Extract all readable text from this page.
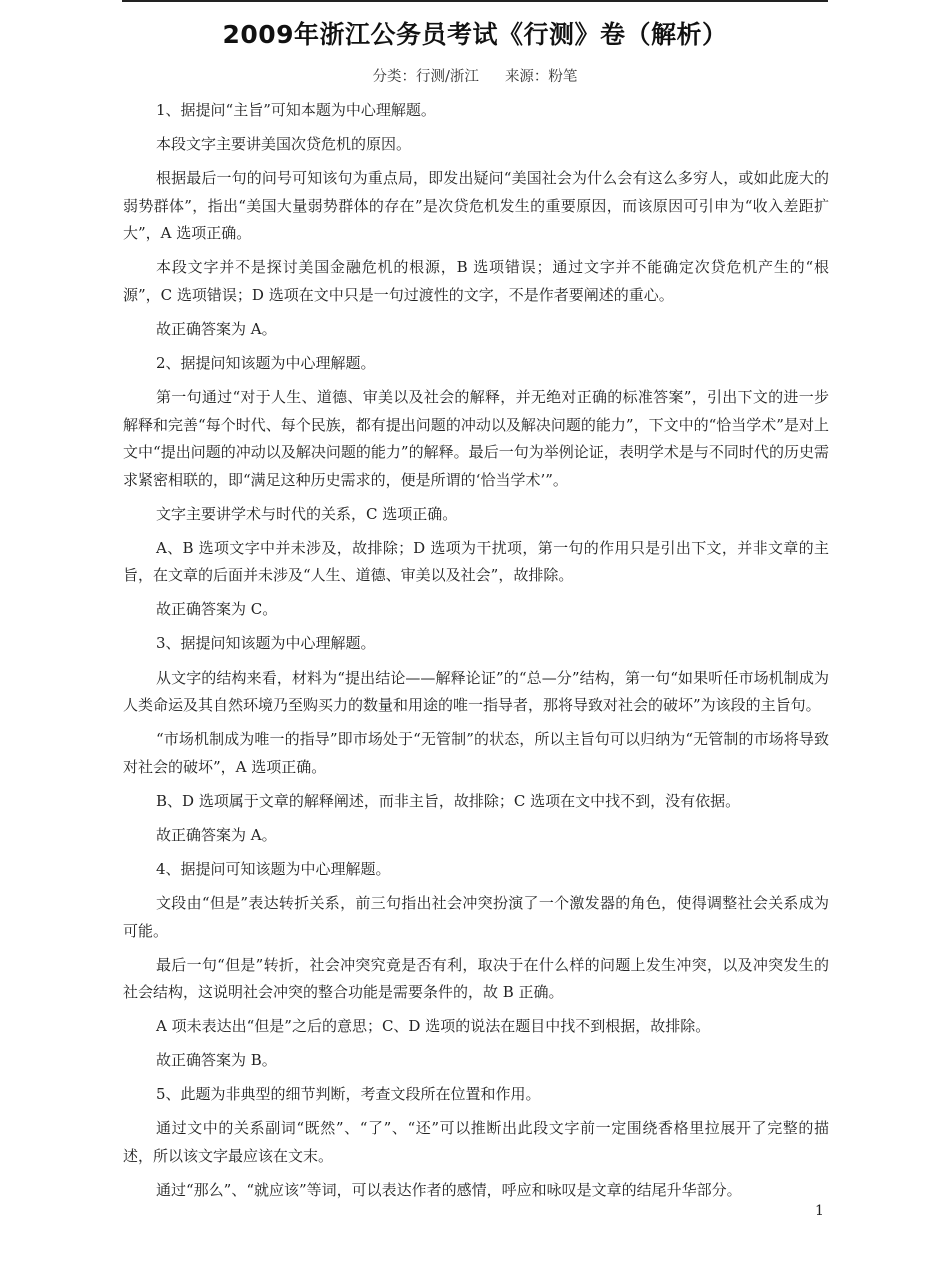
2009年浙江公务员考试《行测》卷（解析）
分类：行测/浙江 来源：粉笔

1、据提问“主旨”可知本题为中心理解题。

本段文字主要讲美国次贷危机的原因。

根据最后一句的问号可知该句为重点局，即发出疑问“美国社会为什么会有这么多穷人，或如此庞大的弱势群体”，指出“美国大量弱势群体的存在”是次贷危机发生的重要原因，而该原因可引申为“收入差距扩大”，A 选项正确。

本段文字并不是探讨美国金融危机的根源，B 选项错误；通过文字并不能确定次贷危机产生的“根源”，C 选项错误；D 选项在文中只是一句过渡性的文字，不是作者要阐述的重心。

故正确答案为 A。

2、据提问知该题为中心理解题。

第一句通过“对于人生、道德、审美以及社会的解释，并无绝对正确的标准答案”，引出下文的进一步解释和完善“每个时代、每个民族，都有提出问题的冲动以及解决问题的能力”，下文中的“恰当学术”是对上文中“提出问题的冲动以及解决问题的能力”的解释。最后一句为举例论证，表明学术是与不同时代的历史需求紧密相联的，即“满足这种历史需求的，便是所谓的‘恰当学术’”。

文字主要讲学术与时代的关系，C 选项正确。

A、B 选项文字中并未涉及，故排除；D 选项为干扰项，第一句的作用只是引出下文，并非文章的主旨，在文章的后面并未涉及“人生、道德、审美以及社会”，故排除。

故正确答案为 C。

3、据提问知该题为中心理解题。

从文字的结构来看，材料为“提出结论——解释论证”的“总—分”结构，第一句“如果听任市场机制成为人类命运及其自然环境乃至购买力的数量和用途的唯一指导者，那将导致对社会的破坏”为该段的主旨句。

“市场机制成为唯一的指导”即市场处于“无管制”的状态，所以主旨句可以归纳为“无管制的市场将导致对社会的破坏”，A 选项正确。

B、D 选项属于文章的解释阐述，而非主旨，故排除；C 选项在文中找不到，没有依据。

故正确答案为 A。

4、据提问可知该题为中心理解题。

文段由“但是”表达转折关系，前三句指出社会冲突扮演了一个激发器的角色，使得调整社会关系成为可能。

最后一句“但是”转折，社会冲突究竟是否有利，取决于在什么样的问题上发生冲突，以及冲突发生的社会结构，这说明社会冲突的整合功能是需要条件的，故 B 正确。

A 项未表达出“但是”之后的意思；C、D 选项的说法在题目中找不到根据，故排除。

故正确答案为 B。

5、此题为非典型的细节判断，考查文段所在位置和作用。

通过文中的关系副词“既然”、“了”、“还”可以推断出此段文字前一定围绕香格里拉展开了完整的描述，所以该文字最应该在文末。

通过“那么”、“就应该”等词，可以表达作者的感情，呼应和咏叹是文章的结尾升华部分。

1
